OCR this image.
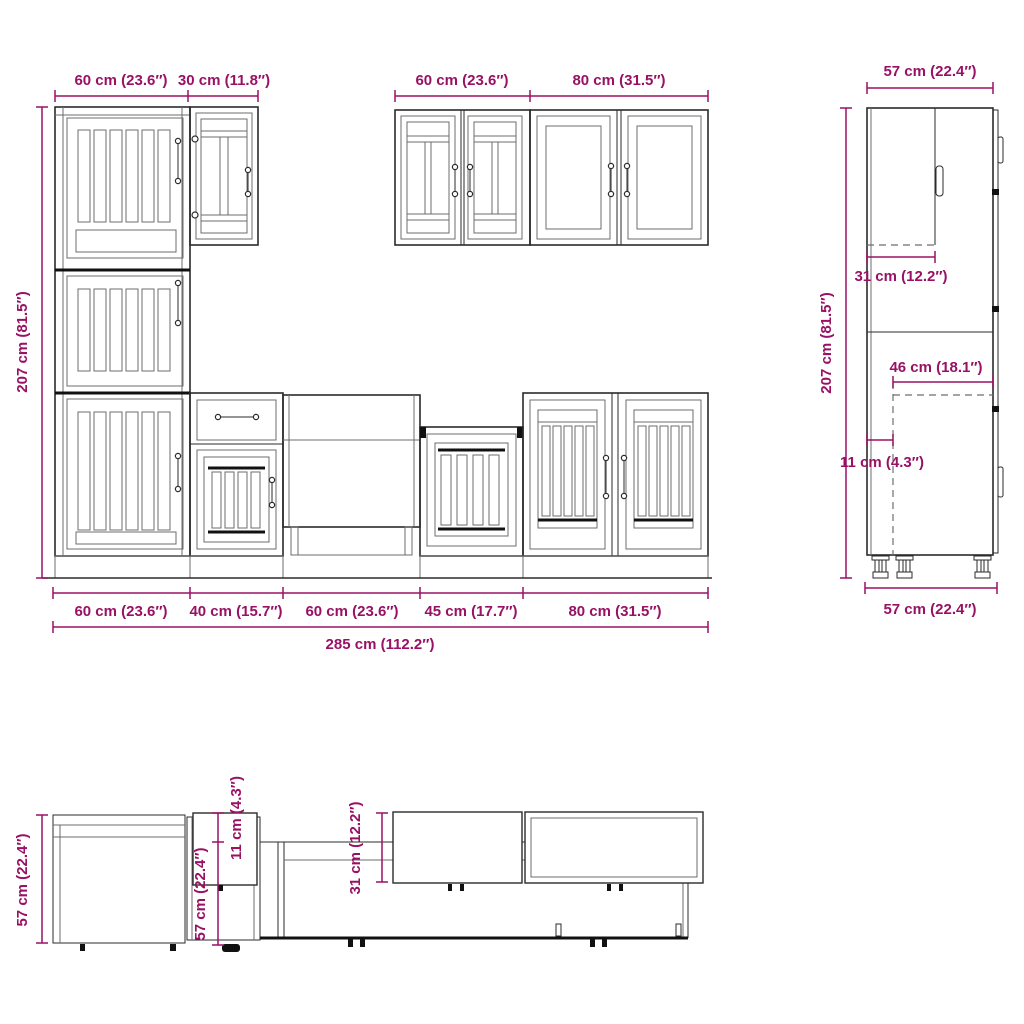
60 cm (23.6″) 30 cm (11.8″)	60 cm (23.6″)	80 cm (31.5″)
207 cm (81.5″)
60 cm (23.6″) 40 cm (15.7″) 60 cm (23.6″) 45 cm (17.7″)	80 cm (31.5″)
285 cm (112.2″)
57 cm (22.4″)
207 cm (81.5″)
31 cm (12.2″)
46 cm (18.1″)
11 cm (4.3″)
57 cm (22.4″)
57 cm (22.4″)
11 cm (4.3″)
57 cm (22.4″)	31 cm (12.2″)
